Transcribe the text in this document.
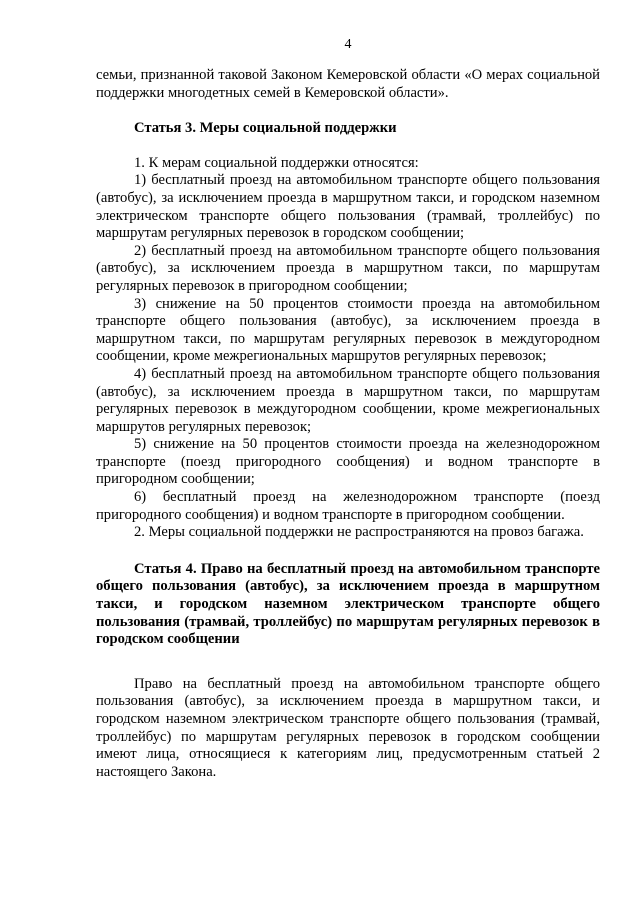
4

семьи, признанной таковой Законом Кемеровской области «О мерах социальной поддержки многодетных семей в Кемеровской области».

Статья 3. Меры социальной поддержки

1. К мерам социальной поддержки относятся:

1) бесплатный проезд на автомобильном транспорте общего пользования (автобус), за исключением проезда в маршрутном такси, и городском наземном электрическом транспорте общего пользования (трамвай, троллейбус) по маршрутам регулярных перевозок в городском сообщении;

2) бесплатный проезд на автомобильном транспорте общего пользования (автобус), за исключением проезда в маршрутном такси, по маршрутам регулярных перевозок в пригородном сообщении;

3) снижение на 50 процентов стоимости проезда на автомобильном транспорте общего пользования (автобус), за исключением проезда в маршрутном такси, по маршрутам регулярных перевозок в междугородном сообщении, кроме межрегиональных маршрутов регулярных перевозок;

4) бесплатный проезд на автомобильном транспорте общего пользования (автобус), за исключением проезда в маршрутном такси, по маршрутам регулярных перевозок в междугородном сообщении, кроме межрегиональных маршрутов регулярных перевозок;

5) снижение на 50 процентов стоимости проезда на железнодорожном транспорте (поезд пригородного сообщения) и водном транспорте в пригородном сообщении;

6) бесплатный проезд на железнодорожном транспорте (поезд пригородного сообщения) и водном транспорте в пригородном сообщении.

2. Меры социальной поддержки не распространяются на провоз багажа.

Статья 4. Право на бесплатный проезд на автомобильном транспорте общего пользования (автобус), за исключением проезда в маршрутном такси, и городском наземном электрическом транспорте общего пользования (трамвай, троллейбус) по маршрутам регулярных перевозок в городском сообщении

Право на бесплатный проезд на автомобильном транспорте общего пользования (автобус), за исключением проезда в маршрутном такси, и городском наземном электрическом транспорте общего пользования (трамвай, троллейбус) по маршрутам регулярных перевозок в городском сообщении имеют лица, относящиеся к категориям лиц, предусмотренным статьей 2 настоящего Закона.
